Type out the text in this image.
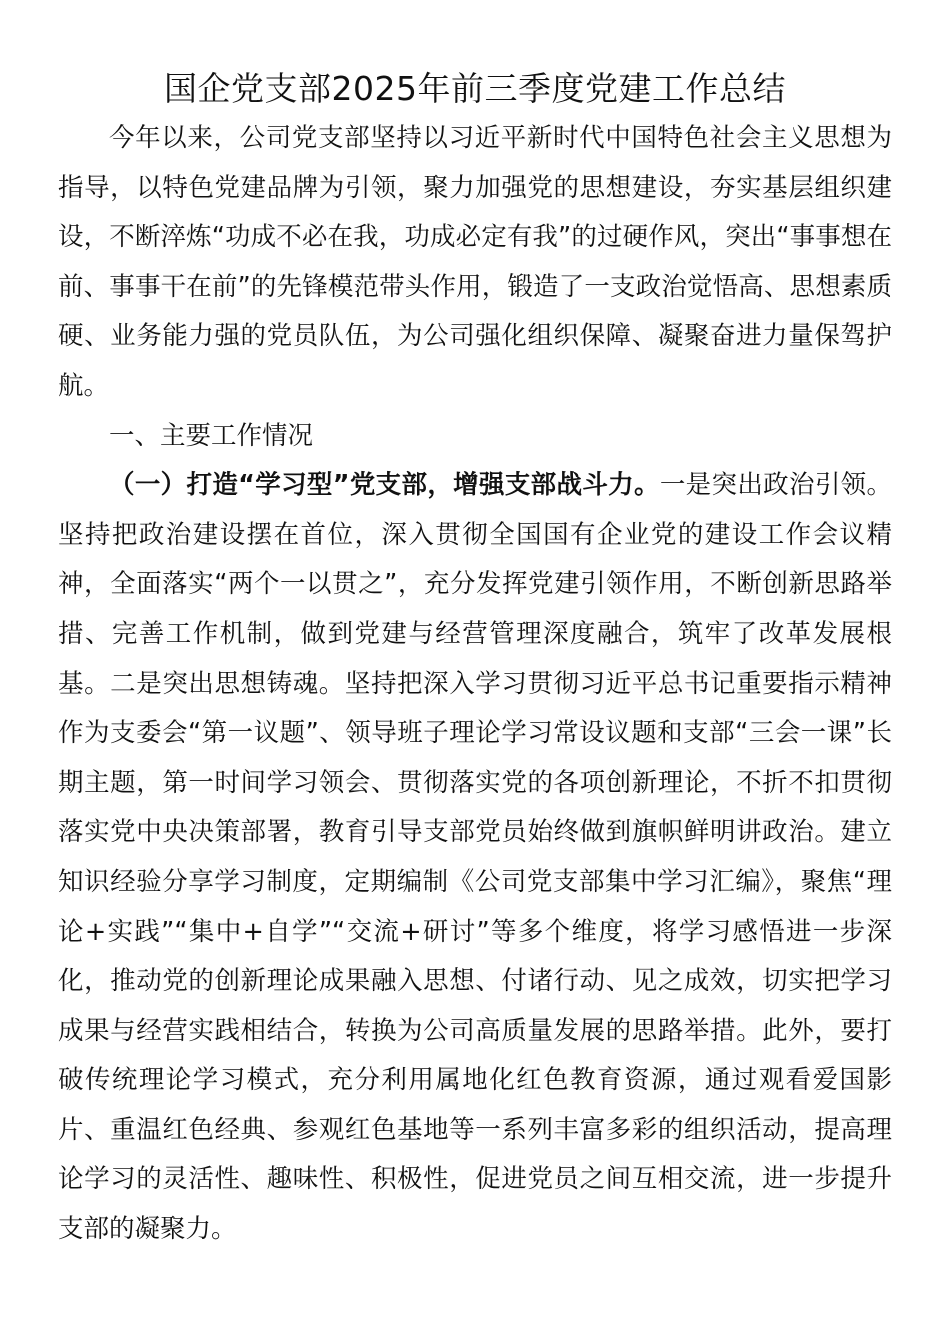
国企党支部2025年前三季度党建工作总结

今年以来，公司党支部坚持以习近平新时代中国特色社会主义思想为指导，以特色党建品牌为引领，聚力加强党的思想建设，夯实基层组织建设，不断淬炼“功成不必在我，功成必定有我”的过硬作风，突出“事事想在前、事事干在前”的先锋模范带头作用，锻造了一支政治觉悟高、思想素质硬、业务能力强的党员队伍，为公司强化组织保障、凝聚奋进力量保驾护航。

一、主要工作情况

（一）打造“学习型”党支部，增强支部战斗力。一是突出政治引领。坚持把政治建设摆在首位，深入贯彻全国国有企业党的建设工作会议精神，全面落实“两个一以贯之”，充分发挥党建引领作用，不断创新思路举措、完善工作机制，做到党建与经营管理深度融合，筑牢了改革发展根基。二是突出思想铸魂。坚持把深入学习贯彻习近平总书记重要指示精神作为支委会“第一议题”、领导班子理论学习常设议题和支部“三会一课”长期主题，第一时间学习领会、贯彻落实党的各项创新理论，不折不扣贯彻落实党中央决策部署，教育引导支部党员始终做到旗帜鲜明讲政治。建立知识经验分享学习制度，定期编制《公司党支部集中学习汇编》，聚焦“理论+实践”“集中+自学”“交流+研讨”等多个维度，将学习感悟进一步深化，推动党的创新理论成果融入思想、付诸行动、见之成效，切实把学习成果与经营实践相结合，转换为公司高质量发展的思路举措。此外，要打破传统理论学习模式，充分利用属地化红色教育资源，通过观看爱国影片、重温红色经典、参观红色基地等一系列丰富多彩的组织活动，提高理论学习的灵活性、趣味性、积极性，促进党员之间互相交流，进一步提升支部的凝聚力。
